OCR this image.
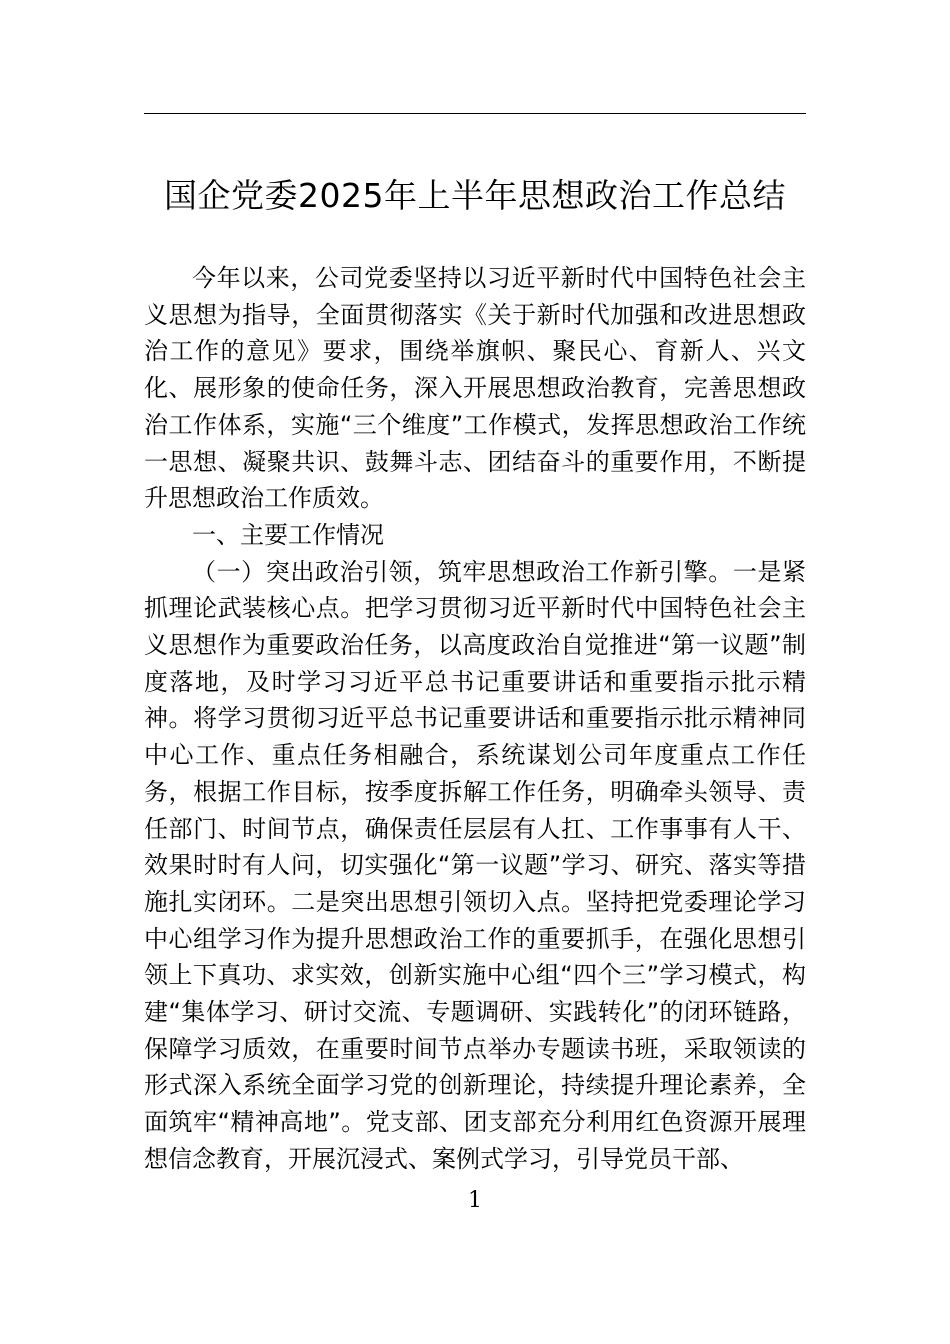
国企党委2025年上半年思想政治工作总结

今年以来，公司党委坚持以习近平新时代中国特色社会主义思想为指导，全面贯彻落实《关于新时代加强和改进思想政治工作的意见》要求，围绕举旗帜、聚民心、育新人、兴文化、展形象的使命任务，深入开展思想政治教育，完善思想政治工作体系，实施“三个维度”工作模式，发挥思想政治工作统一思想、凝聚共识、鼓舞斗志、团结奋斗的重要作用，不断提升思想政治工作质效。

一、主要工作情况

（一）突出政治引领，筑牢思想政治工作新引擎。一是紧抓理论武装核心点。把学习贯彻习近平新时代中国特色社会主义思想作为重要政治任务，以高度政治自觉推进“第一议题”制度落地，及时学习习近平总书记重要讲话和重要指示批示精神。将学习贯彻习近平总书记重要讲话和重要指示批示精神同中心工作、重点任务相融合，系统谋划公司年度重点工作任务，根据工作目标，按季度拆解工作任务，明确牵头领导、责任部门、时间节点，确保责任层层有人扛、工作事事有人干、效果时时有人问，切实强化“第一议题”学习、研究、落实等措施扎实闭环。二是突出思想引领切入点。坚持把党委理论学习中心组学习作为提升思想政治工作的重要抓手，在强化思想引领上下真功、求实效，创新实施中心组“四个三”学习模式，构建“集体学习、研讨交流、专题调研、实践转化”的闭环链路，保障学习质效，在重要时间节点举办专题读书班，采取领读的形式深入系统全面学习党的创新理论，持续提升理论素养，全面筑牢“精神高地”。党支部、团支部充分利用红色资源开展理想信念教育，开展沉浸式、案例式学习，引导党员干部、

1
